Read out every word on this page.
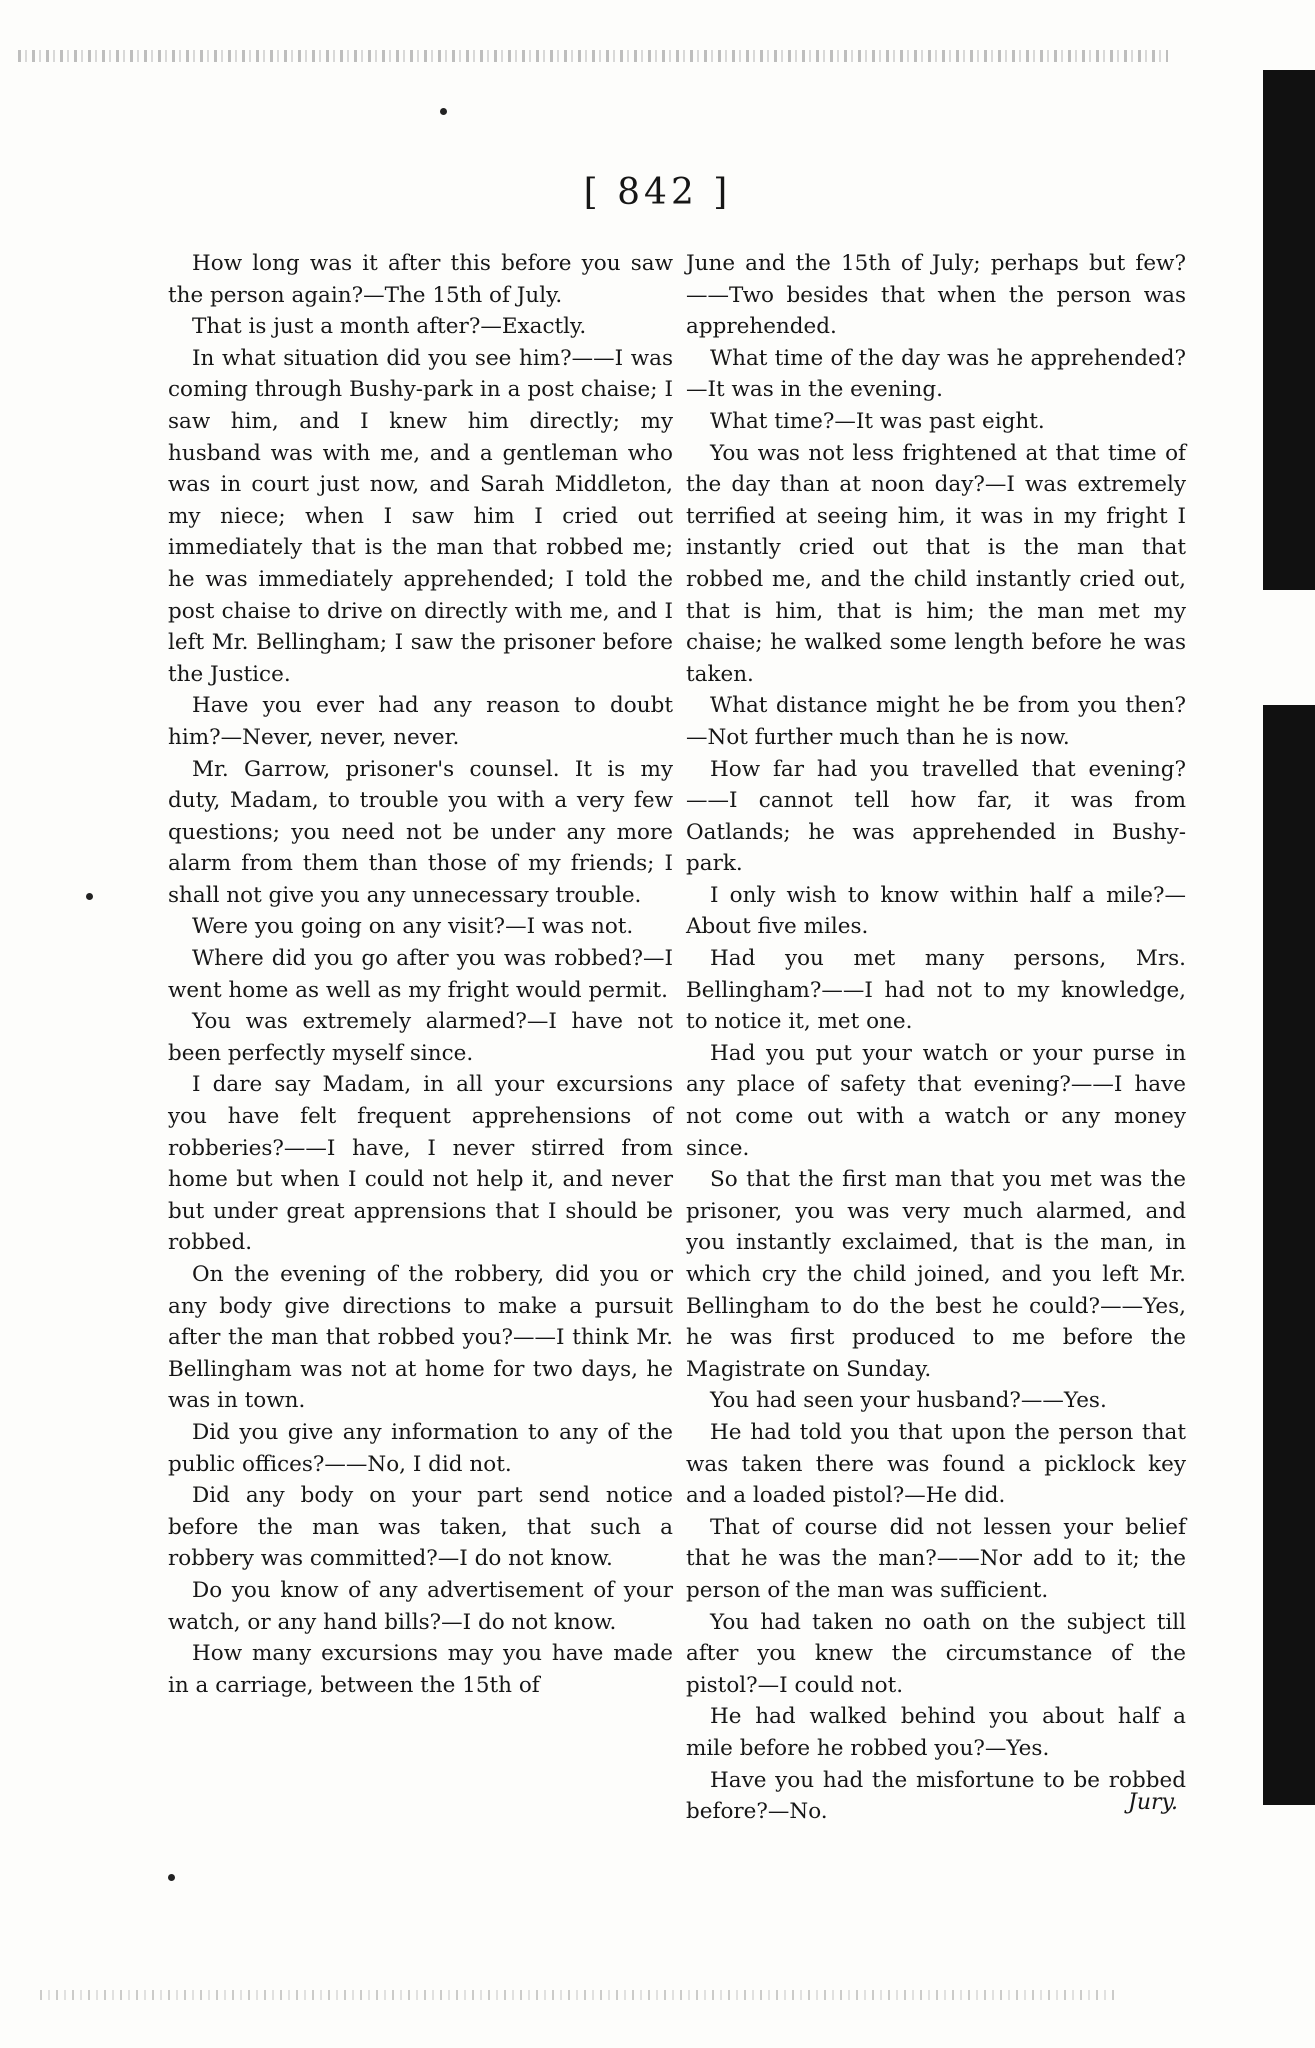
[ 842 ]

How long was it after this before you saw the person again?—The 15th of July.

That is just a month after?—Exactly.

In what situation did you see him?——I was coming through Bushy-park in a post chaise; I saw him, and I knew him directly; my husband was with me, and a gentleman who was in court just now, and Sarah Middleton, my niece; when I saw him I cried out immediately that is the man that robbed me; he was immediately apprehended; I told the post chaise to drive on directly with me, and I left Mr. Bellingham; I saw the prisoner before the Justice.

Have you ever had any reason to doubt him?—Never, never, never.

Mr. Garrow, prisoner's counsel. It is my duty, Madam, to trouble you with a very few questions; you need not be under any more alarm from them than those of my friends; I shall not give you any unnecessary trouble.

Were you going on any visit?—I was not.

Where did you go after you was robbed?—I went home as well as my fright would permit.

You was extremely alarmed?—I have not been perfectly myself since.

I dare say Madam, in all your excursions you have felt frequent apprehensions of robberies?——I have, I never stirred from home but when I could not help it, and never but under great apprensions that I should be robbed.

On the evening of the robbery, did you or any body give directions to make a pursuit after the man that robbed you?——I think Mr. Bellingham was not at home for two days, he was in town.

Did you give any information to any of the public offices?——No, I did not.

Did any body on your part send notice before the man was taken, that such a robbery was committed?—I do not know.

Do you know of any advertisement of your watch, or any hand bills?—I do not know.

How many excursions may you have made in a carriage, between the 15th of

June and the 15th of July; perhaps but few?——Two besides that when the person was apprehended.

What time of the day was he apprehended?—It was in the evening.

What time?—It was past eight.

You was not less frightened at that time of the day than at noon day?—I was extremely terrified at seeing him, it was in my fright I instantly cried out that is the man that robbed me, and the child instantly cried out, that is him, that is him; the man met my chaise; he walked some length before he was taken.

What distance might he be from you then?—Not further much than he is now.

How far had you travelled that evening?——I cannot tell how far, it was from Oatlands; he was apprehended in Bushy-park.

I only wish to know within half a mile?—About five miles.

Had you met many persons, Mrs. Bellingham?——I had not to my knowledge, to notice it, met one.

Had you put your watch or your purse in any place of safety that evening?——I have not come out with a watch or any money since.

So that the first man that you met was the prisoner, you was very much alarmed, and you instantly exclaimed, that is the man, in which cry the child joined, and you left Mr. Bellingham to do the best he could?——Yes, he was first produced to me before the Magistrate on Sunday.

You had seen your husband?——Yes.

He had told you that upon the person that was taken there was found a picklock key and a loaded pistol?—He did.

That of course did not lessen your belief that he was the man?——Nor add to it; the person of the man was sufficient.

You had taken no oath on the subject till after you knew the circumstance of the pistol?—I could not.

He had walked behind you about half a mile before he robbed you?—Yes.

Have you had the misfortune to be robbed before?—No.	Jury.
